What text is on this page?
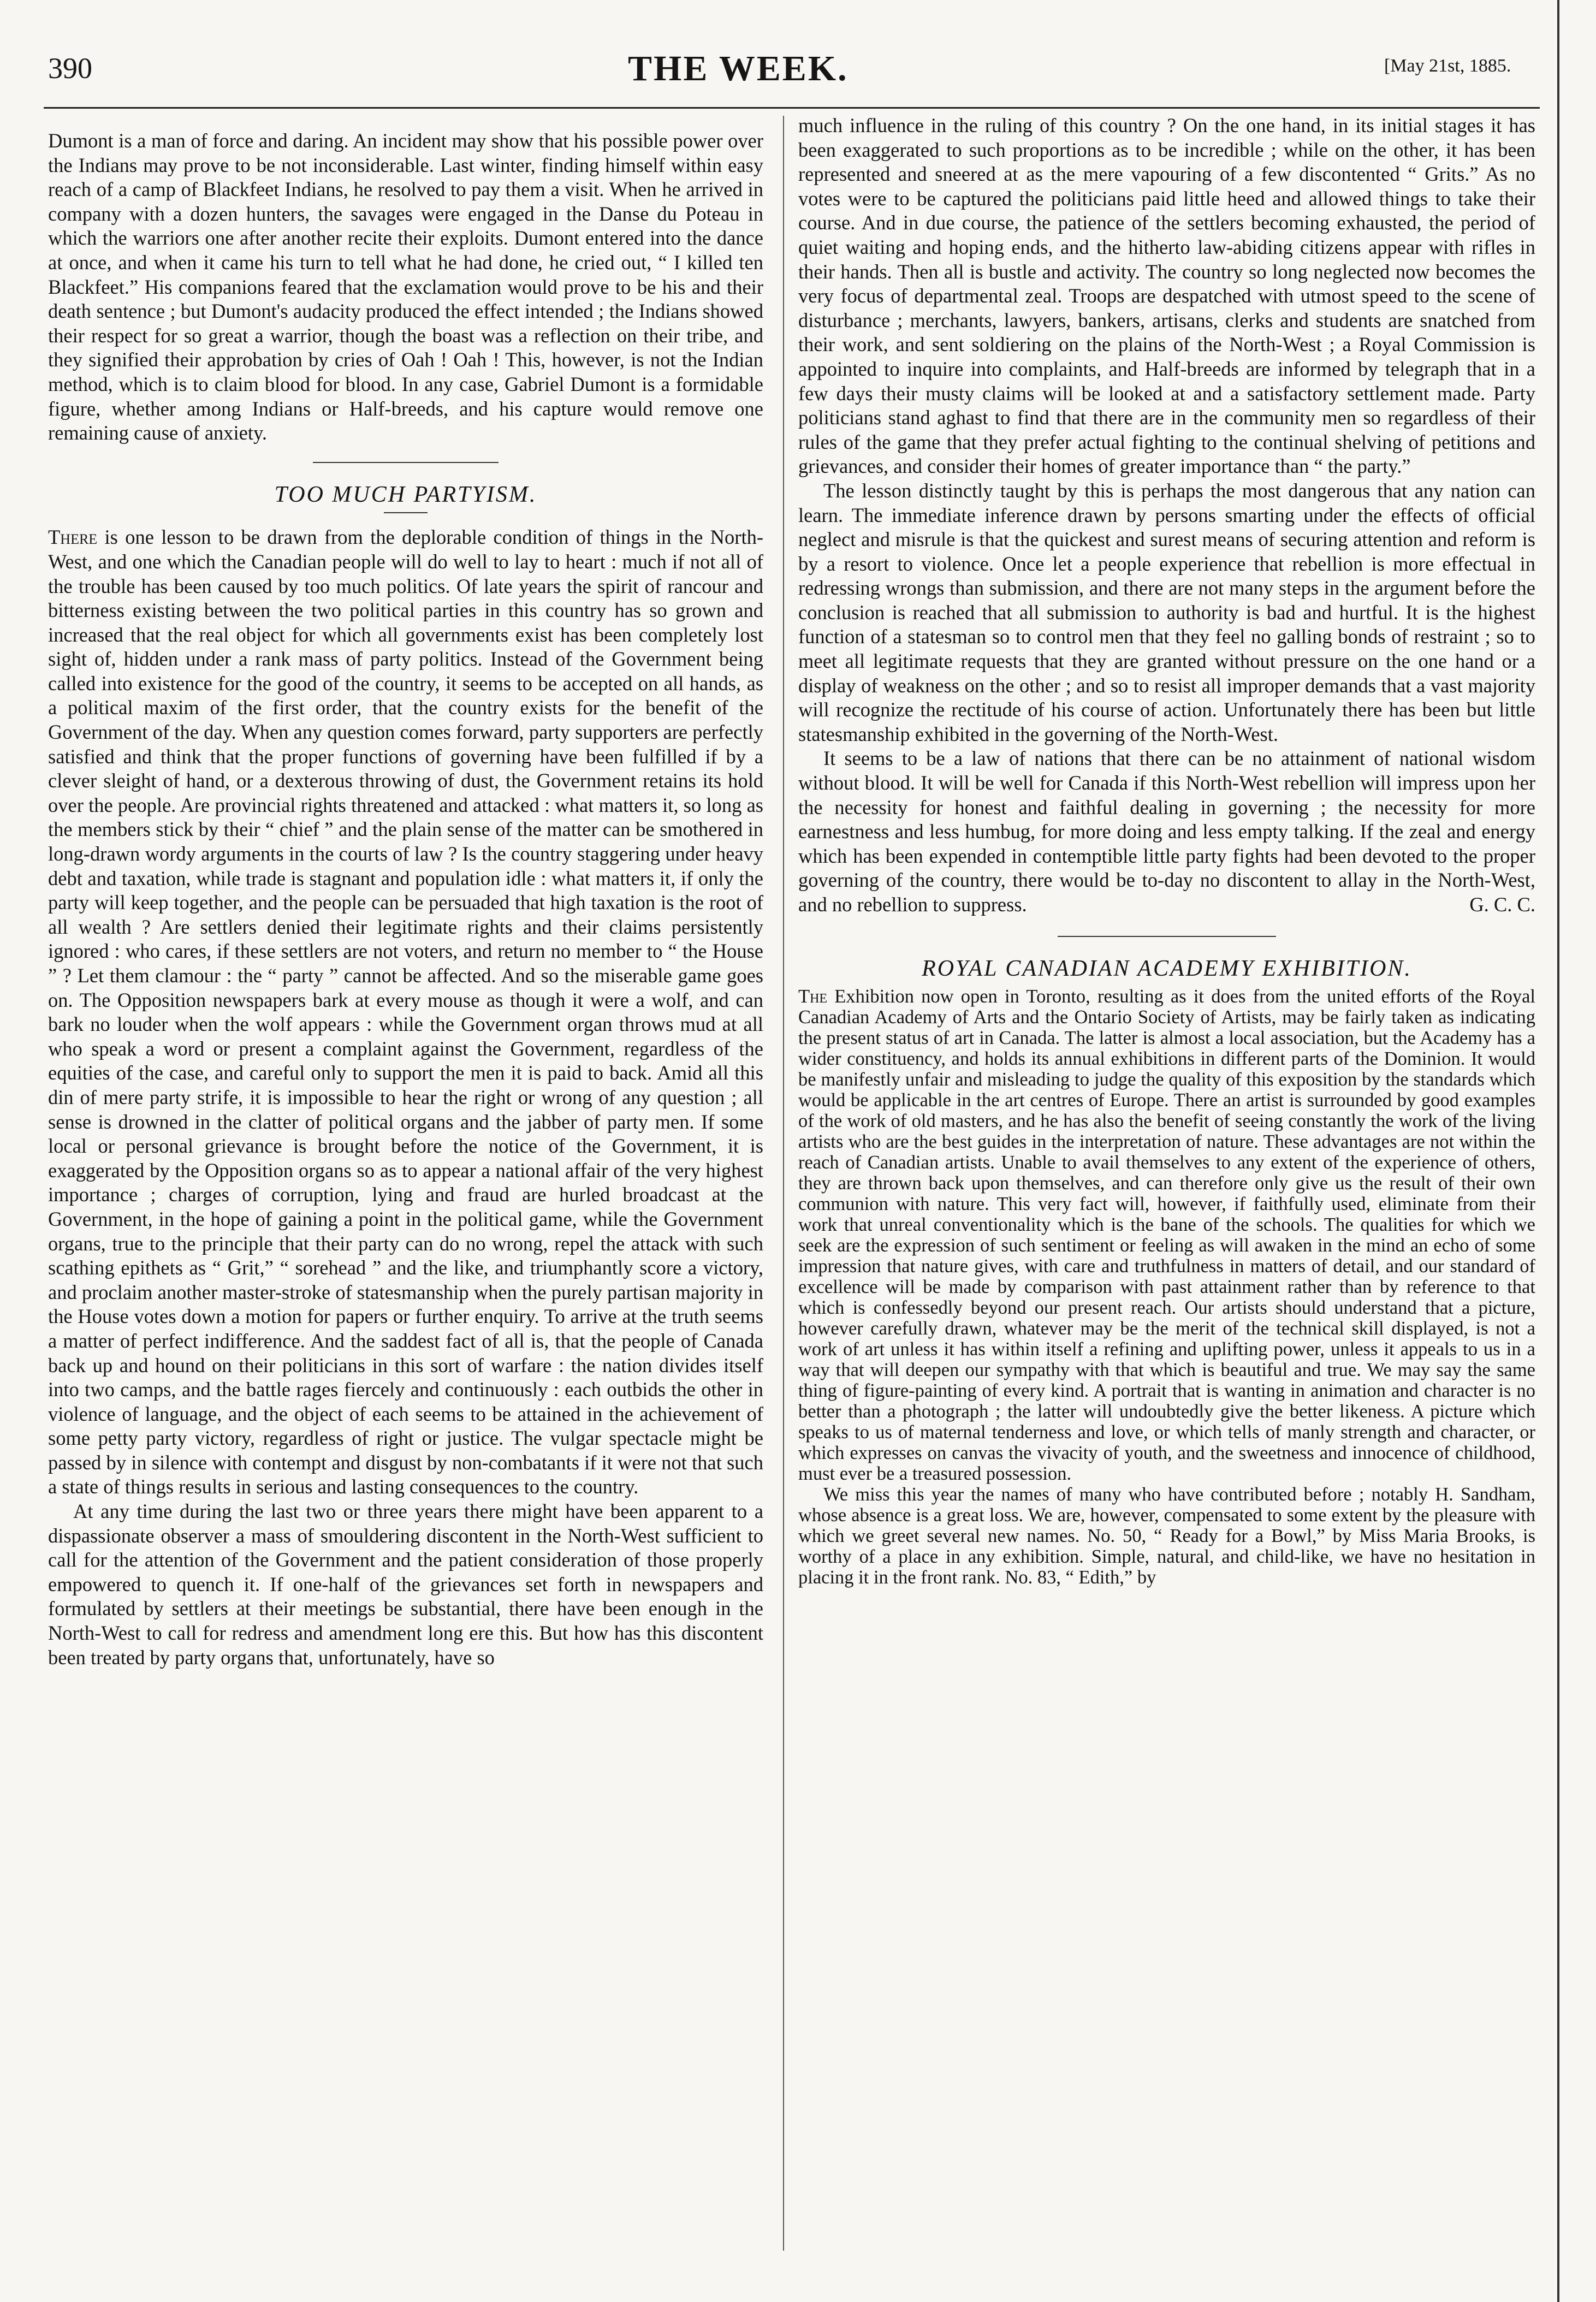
390	THE WEEK.	[May 21st, 1885.

Dumont is a man of force and daring. An incident may show that his possible power over the Indians may prove to be not inconsiderable. Last winter, finding himself within easy reach of a camp of Blackfeet Indians, he resolved to pay them a visit. When he arrived in company with a dozen hunters, the savages were engaged in the Danse du Poteau in which the warriors one after another recite their exploits. Dumont entered into the dance at once, and when it came his turn to tell what he had done, he cried out, “ I killed ten Blackfeet.” His companions feared that the exclamation would prove to be his and their death sentence ; but Dumont's audacity produced the effect intended ; the Indians showed their respect for so great a warrior, though the boast was a reflection on their tribe, and they signified their approbation by cries of Oah ! Oah ! This, however, is not the Indian method, which is to claim blood for blood. In any case, Gabriel Dumont is a formidable figure, whether among Indians or Half-breeds, and his capture would remove one remaining cause of anxiety.

TOO MUCH PARTYISM.

There is one lesson to be drawn from the deplorable condition of things in the North-West, and one which the Canadian people will do well to lay to heart : much if not all of the trouble has been caused by too much politics. Of late years the spirit of rancour and bitterness existing between the two political parties in this country has so grown and increased that the real object for which all governments exist has been completely lost sight of, hidden under a rank mass of party politics. Instead of the Government being called into existence for the good of the country, it seems to be accepted on all hands, as a political maxim of the first order, that the country exists for the benefit of the Government of the day. When any question comes forward, party supporters are perfectly satisfied and think that the proper functions of governing have been fulfilled if by a clever sleight of hand, or a dexterous throwing of dust, the Government retains its hold over the people. Are provincial rights threatened and attacked : what matters it, so long as the members stick by their “ chief ” and the plain sense of the matter can be smothered in long-drawn wordy arguments in the courts of law ? Is the country staggering under heavy debt and taxation, while trade is stagnant and population idle : what matters it, if only the party will keep together, and the people can be persuaded that high taxation is the root of all wealth ? Are settlers denied their legitimate rights and their claims persistently ignored : who cares, if these settlers are not voters, and return no member to “ the House ” ? Let them clamour : the “ party ” cannot be affected. And so the miserable game goes on. The Opposition newspapers bark at every mouse as though it were a wolf, and can bark no louder when the wolf appears : while the Government organ throws mud at all who speak a word or present a complaint against the Government, regardless of the equities of the case, and careful only to support the men it is paid to back. Amid all this din of mere party strife, it is impossible to hear the right or wrong of any question ; all sense is drowned in the clatter of political organs and the jabber of party men. If some local or personal grievance is brought before the notice of the Government, it is exaggerated by the Opposition organs so as to appear a national affair of the very highest importance ; charges of corruption, lying and fraud are hurled broadcast at the Government, in the hope of gaining a point in the political game, while the Government organs, true to the principle that their party can do no wrong, repel the attack with such scathing epithets as “ Grit,” “ sorehead ” and the like, and triumphantly score a victory, and proclaim another master-stroke of statesmanship when the purely partisan majority in the House votes down a motion for papers or further enquiry. To arrive at the truth seems a matter of perfect indifference. And the saddest fact of all is, that the people of Canada back up and hound on their politicians in this sort of warfare : the nation divides itself into two camps, and the battle rages fiercely and continuously : each outbids the other in violence of language, and the object of each seems to be attained in the achievement of some petty party victory, regardless of right or justice. The vulgar spectacle might be passed by in silence with contempt and disgust by non-combatants if it were not that such a state of things results in serious and lasting consequences to the country.

At any time during the last two or three years there might have been apparent to a dispassionate observer a mass of smouldering discontent in the North-West sufficient to call for the attention of the Government and the patient consideration of those properly empowered to quench it. If one-half of the grievances set forth in newspapers and formulated by settlers at their meetings be substantial, there have been enough in the North-West to call for redress and amendment long ere this. But how has this discontent been treated by party organs that, unfortunately, have so

much influence in the ruling of this country ? On the one hand, in its initial stages it has been exaggerated to such proportions as to be incredible ; while on the other, it has been represented and sneered at as the mere vapouring of a few discontented “ Grits.” As no votes were to be captured the politicians paid little heed and allowed things to take their course. And in due course, the patience of the settlers becoming exhausted, the period of quiet waiting and hoping ends, and the hitherto law-abiding citizens appear with rifles in their hands. Then all is bustle and activity. The country so long neglected now becomes the very focus of departmental zeal. Troops are despatched with utmost speed to the scene of disturbance ; merchants, lawyers, bankers, artisans, clerks and students are snatched from their work, and sent soldiering on the plains of the North-West ; a Royal Commission is appointed to inquire into complaints, and Half-breeds are informed by telegraph that in a few days their musty claims will be looked at and a satisfactory settlement made. Party politicians stand aghast to find that there are in the community men so regardless of their rules of the game that they prefer actual fighting to the continual shelving of petitions and grievances, and consider their homes of greater importance than “ the party.”

The lesson distinctly taught by this is perhaps the most dangerous that any nation can learn. The immediate inference drawn by persons smarting under the effects of official neglect and misrule is that the quickest and surest means of securing attention and reform is by a resort to violence. Once let a people experience that rebellion is more effectual in redressing wrongs than submission, and there are not many steps in the argument before the conclusion is reached that all submission to authority is bad and hurtful. It is the highest function of a statesman so to control men that they feel no galling bonds of restraint ; so to meet all legitimate requests that they are granted without pressure on the one hand or a display of weakness on the other ; and so to resist all improper demands that a vast majority will recognize the rectitude of his course of action. Unfortunately there has been but little statesmanship exhibited in the governing of the North-West.

It seems to be a law of nations that there can be no attainment of national wisdom without blood. It will be well for Canada if this North-West rebellion will impress upon her the necessity for honest and faithful dealing in governing ; the necessity for more earnestness and less humbug, for more doing and less empty talking. If the zeal and energy which has been expended in contemptible little party fights had been devoted to the proper governing of the country, there would be to-day no discontent to allay in the North-West, and no rebellion to suppress.	G. C. C.

ROYAL CANADIAN ACADEMY EXHIBITION.

The Exhibition now open in Toronto, resulting as it does from the united efforts of the Royal Canadian Academy of Arts and the Ontario Society of Artists, may be fairly taken as indicating the present status of art in Canada. The latter is almost a local association, but the Academy has a wider constituency, and holds its annual exhibitions in different parts of the Dominion. It would be manifestly unfair and misleading to judge the quality of this exposition by the standards which would be applicable in the art centres of Europe. There an artist is surrounded by good examples of the work of old masters, and he has also the benefit of seeing constantly the work of the living artists who are the best guides in the interpretation of nature. These advantages are not within the reach of Canadian artists. Unable to avail themselves to any extent of the experience of others, they are thrown back upon themselves, and can therefore only give us the result of their own communion with nature. This very fact will, however, if faithfully used, eliminate from their work that unreal conventionality which is the bane of the schools. The qualities for which we seek are the expression of such sentiment or feeling as will awaken in the mind an echo of some impression that nature gives, with care and truthfulness in matters of detail, and our standard of excellence will be made by comparison with past attainment rather than by reference to that which is confessedly beyond our present reach. Our artists should understand that a picture, however carefully drawn, whatever may be the merit of the technical skill displayed, is not a work of art unless it has within itself a refining and uplifting power, unless it appeals to us in a way that will deepen our sympathy with that which is beautiful and true. We may say the same thing of figure-painting of every kind. A portrait that is wanting in animation and character is no better than a photograph ; the latter will undoubtedly give the better likeness. A picture which speaks to us of maternal tenderness and love, or which tells of manly strength and character, or which expresses on canvas the vivacity of youth, and the sweetness and innocence of childhood, must ever be a treasured possession.

We miss this year the names of many who have contributed before ; notably H. Sandham, whose absence is a great loss. We are, however, compensated to some extent by the pleasure with which we greet several new names. No. 50, “ Ready for a Bowl,” by Miss Maria Brooks, is worthy of a place in any exhibition. Simple, natural, and child-like, we have no hesitation in placing it in the front rank. No. 83, “ Edith,” by
